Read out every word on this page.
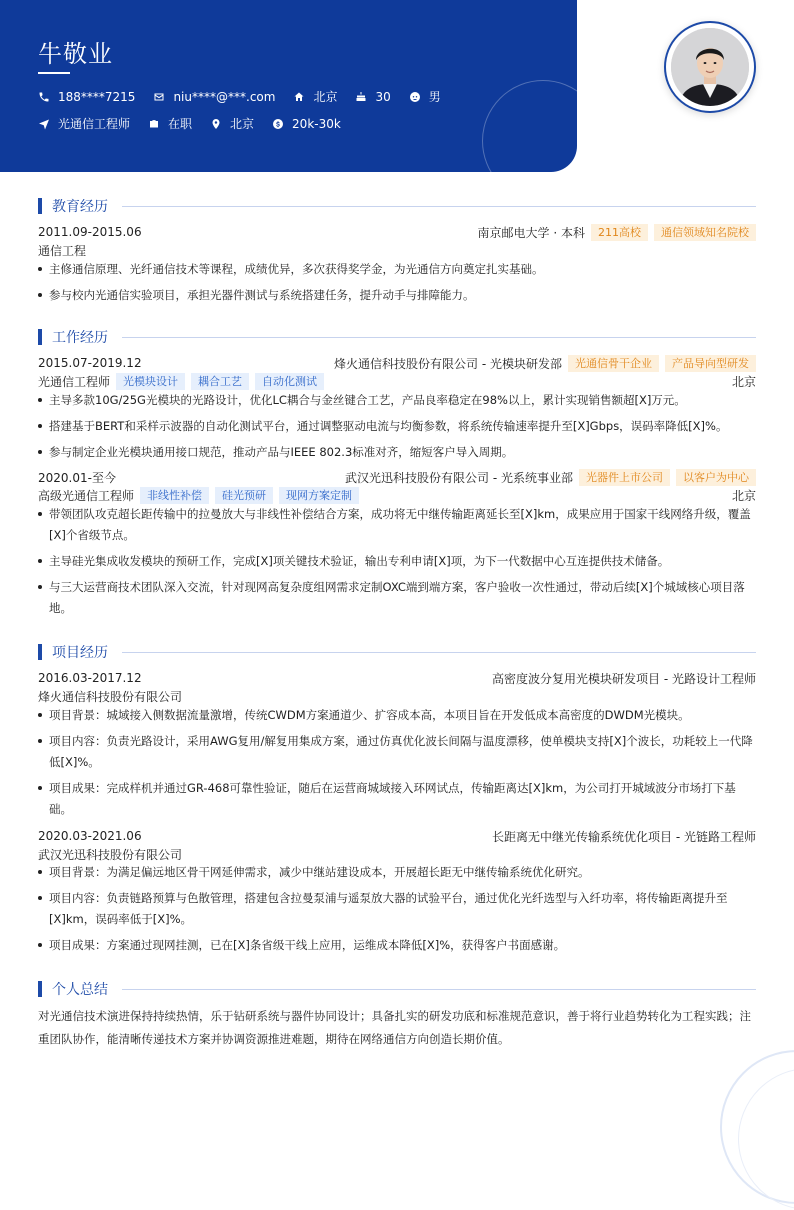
牛敬业
188****7215	niu****@***.com	北京	30	男
光通信工程师	在职	北京	20k-30k
教育经历
2011.09-2015.06	南京邮电大学 · 本科	211高校	通信领域知名院校
通信工程
主修通信原理、光纤通信技术等课程，成绩优异，多次获得奖学金，为光通信方向奠定扎实基础。
参与校内光通信实验项目，承担光器件测试与系统搭建任务，提升动手与排障能力。
工作经历
2015.07-2019.12	烽火通信科技股份有限公司 - 光模块研发部	光通信骨干企业	产品导向型研发
光通信工程师	光模块设计	耦合工艺	自动化测试	北京
主导多款10G/25G光模块的光路设计，优化LC耦合与金丝键合工艺，产品良率稳定在98%以上，累计实现销售额超[X]万元。
搭建基于BERT和采样示波器的自动化测试平台，通过调整驱动电流与均衡参数，将系统传输速率提升至[X]Gbps，误码率降低[X]%。
参与制定企业光模块通用接口规范，推动产品与IEEE 802.3标准对齐，缩短客户导入周期。
2020.01-至今	武汉光迅科技股份有限公司 - 光系统事业部	光器件上市公司	以客户为中心
高级光通信工程师	非线性补偿	硅光预研	现网方案定制	北京
带领团队攻克超长距传输中的拉曼放大与非线性补偿结合方案，成功将无中继传输距离延长至[X]km，成果应用于国家干线网络升级，覆盖[X]个省级节点。
主导硅光集成收发模块的预研工作，完成[X]项关键技术验证，输出专利申请[X]项，为下一代数据中心互连提供技术储备。
与三大运营商技术团队深入交流，针对现网高复杂度组网需求定制OXC端到端方案，客户验收一次性通过，带动后续[X]个城域核心项目落地。
项目经历
2016.03-2017.12	高密度波分复用光模块研发项目 - 光路设计工程师
烽火通信科技股份有限公司
项目背景：城域接入侧数据流量激增，传统CWDM方案通道少、扩容成本高，本项目旨在开发低成本高密度的DWDM光模块。
项目内容：负责光路设计，采用AWG复用/解复用集成方案，通过仿真优化波长间隔与温度漂移，使单模块支持[X]个波长，功耗较上一代降低[X]%。
项目成果：完成样机并通过GR-468可靠性验证，随后在运营商城域接入环网试点，传输距离达[X]km，为公司打开城域波分市场打下基础。
2020.03-2021.06	长距离无中继光传输系统优化项目 - 光链路工程师
武汉光迅科技股份有限公司
项目背景：为满足偏远地区骨干网延伸需求，减少中继站建设成本，开展超长距无中继传输系统优化研究。
项目内容：负责链路预算与色散管理，搭建包含拉曼泵浦与遥泵放大器的试验平台，通过优化光纤选型与入纤功率，将传输距离提升至[X]km，误码率低于[X]%。
项目成果：方案通过现网挂测，已在[X]条省级干线上应用，运维成本降低[X]%，获得客户书面感谢。
个人总结

对光通信技术演进保持持续热情，乐于钻研系统与器件协同设计；具备扎实的研发功底和标准规范意识，善于将行业趋势转化为工程实践；注重团队协作，能清晰传递技术方案并协调资源推进难题，期待在网络通信方向创造长期价值。
